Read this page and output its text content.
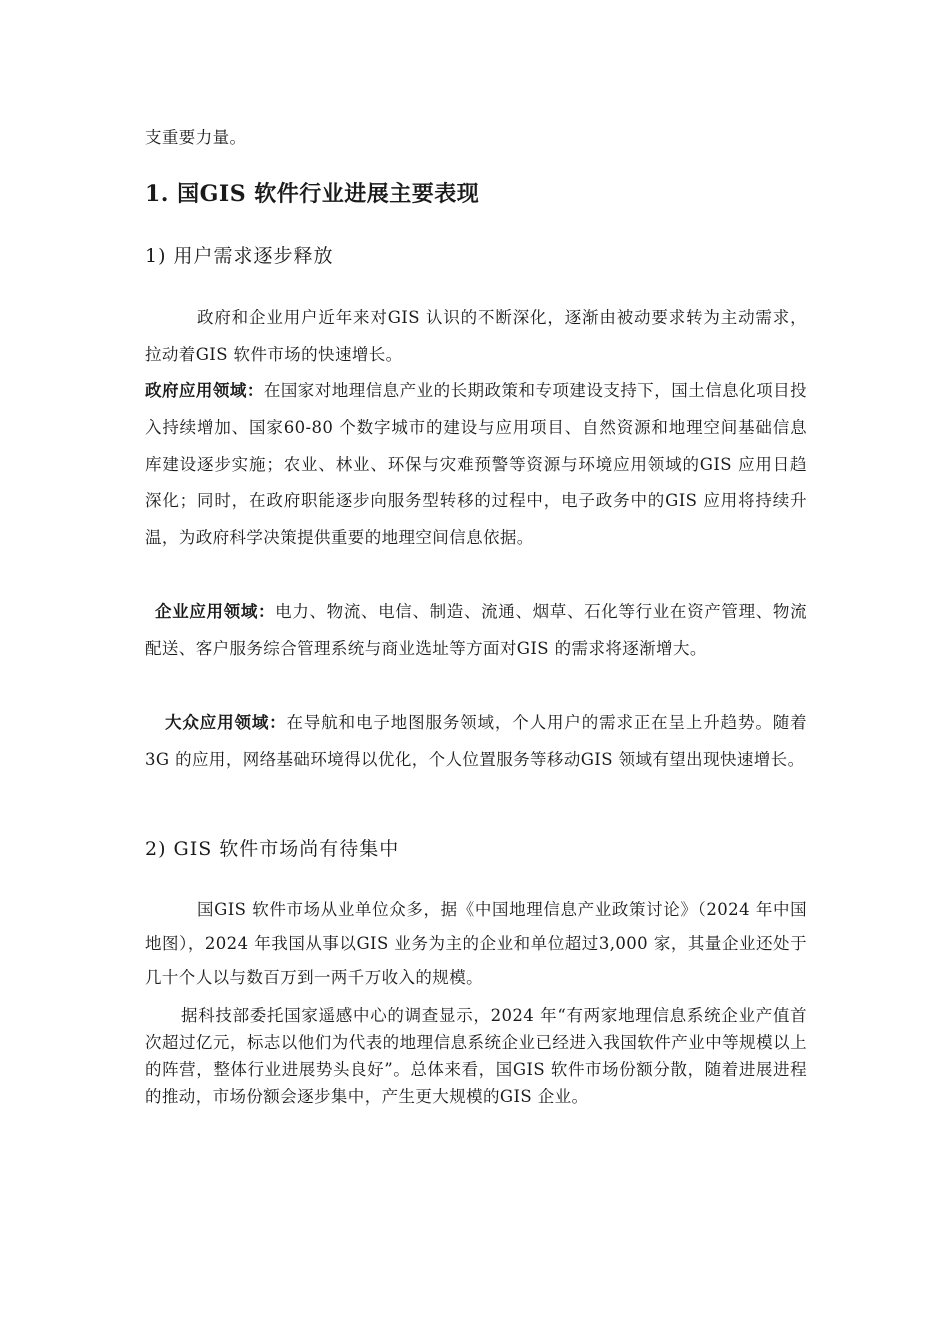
支重要力量。
1. 国GIS 软件行业进展主要表现
1) 用户需求逐步释放
政府和企业用户近年来对GIS 认识的不断深化，逐渐由被动要求转为主动需求，拉动着GIS 软件市场的快速增长。
政府应用领域：在国家对地理信息产业的长期政策和专项建设支持下，国土信息化项目投入持续增加、国家60-80 个数字城市的建设与应用项目、自然资源和地理空间基础信息库建设逐步实施；农业、林业、环保与灾难预警等资源与环境应用领域的GIS 应用日趋深化；同时，在政府职能逐步向服务型转移的过程中，电子政务中的GIS 应用将持续升温，为政府科学决策提供重要的地理空间信息依据。
企业应用领域：电力、物流、电信、制造、流通、烟草、石化等行业在资产管理、物流配送、客户服务综合管理系统与商业选址等方面对GIS 的需求将逐渐增大。
大众应用领域：在导航和电子地图服务领域，个人用户的需求正在呈上升趋势。随着3G 的应用，网络基础环境得以优化，个人位置服务等移动GIS 领域有望出现快速增长。
2) GIS 软件市场尚有待集中
国GIS 软件市场从业单位众多，据《中国地理信息产业政策讨论》（2024 年中国地图），2024 年我国从事以GIS 业务为主的企业和单位超过3,000 家，其量企业还处于几十个人以与数百万到一两千万收入的规模。
据科技部委托国家遥感中心的调查显示，2024 年“有两家地理信息系统企业产值首次超过亿元，标志以他们为代表的地理信息系统企业已经进入我国软件产业中等规模以上的阵营，整体行业进展势头良好”。总体来看，国GIS 软件市场份额分散，随着进展进程的推动，市场份额会逐步集中，产生更大规模的GIS 企业。
